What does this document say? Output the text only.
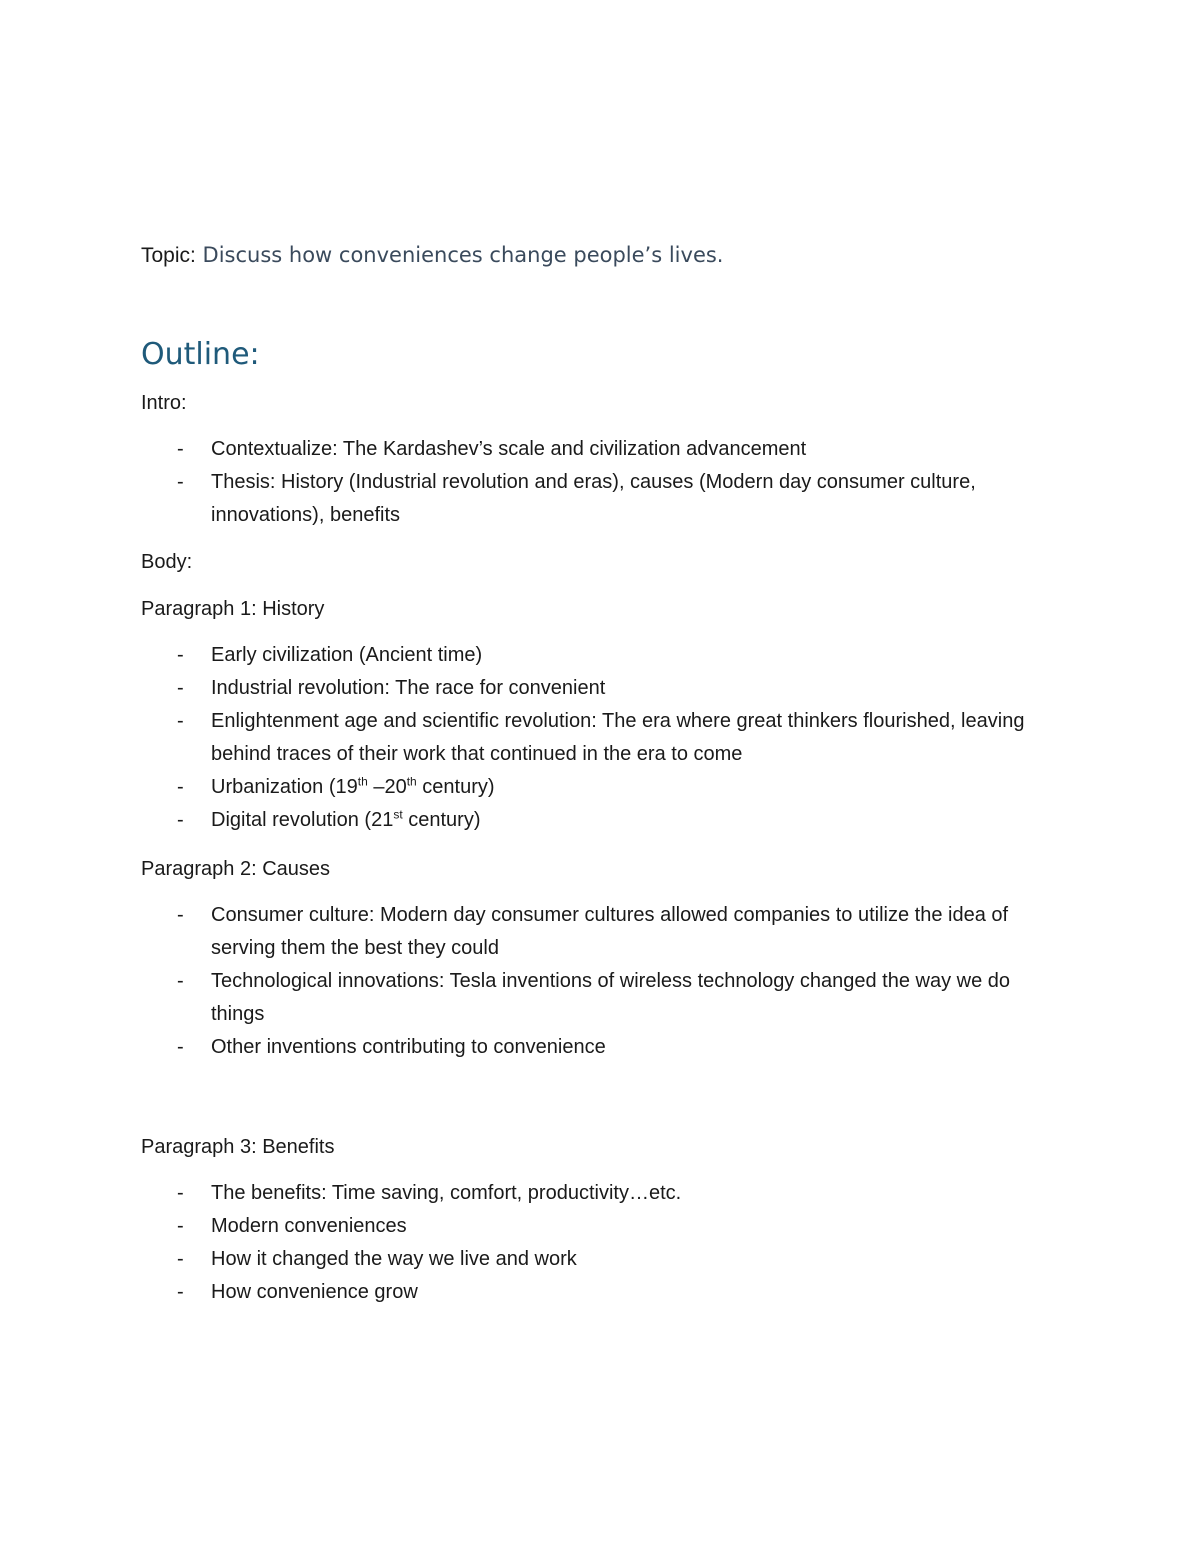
Topic: Discuss how conveniences change people’s lives.

Outline:

Intro:

-	Contextualize: The Kardashev’s scale and civilization advancement
-	Thesis: History (Industrial revolution and eras), causes (Modern day consumer culture, innovations), benefits

Body:

Paragraph 1: History

-	Early civilization (Ancient time)
-	Industrial revolution: The race for convenient
-	Enlightenment age and scientific revolution: The era where great thinkers flourished, leaving behind traces of their work that continued in the era to come
-	Urbanization (19th –20th century)
-	Digital revolution (21st century)

Paragraph 2: Causes

-	Consumer culture: Modern day consumer cultures allowed companies to utilize the idea of serving them the best they could
-	Technological innovations: Tesla inventions of wireless technology changed the way we do things
-	Other inventions contributing to convenience

Paragraph 3: Benefits

-	The benefits: Time saving, comfort, productivity…etc.
-	Modern conveniences
-	How it changed the way we live and work
-	How convenience grow
